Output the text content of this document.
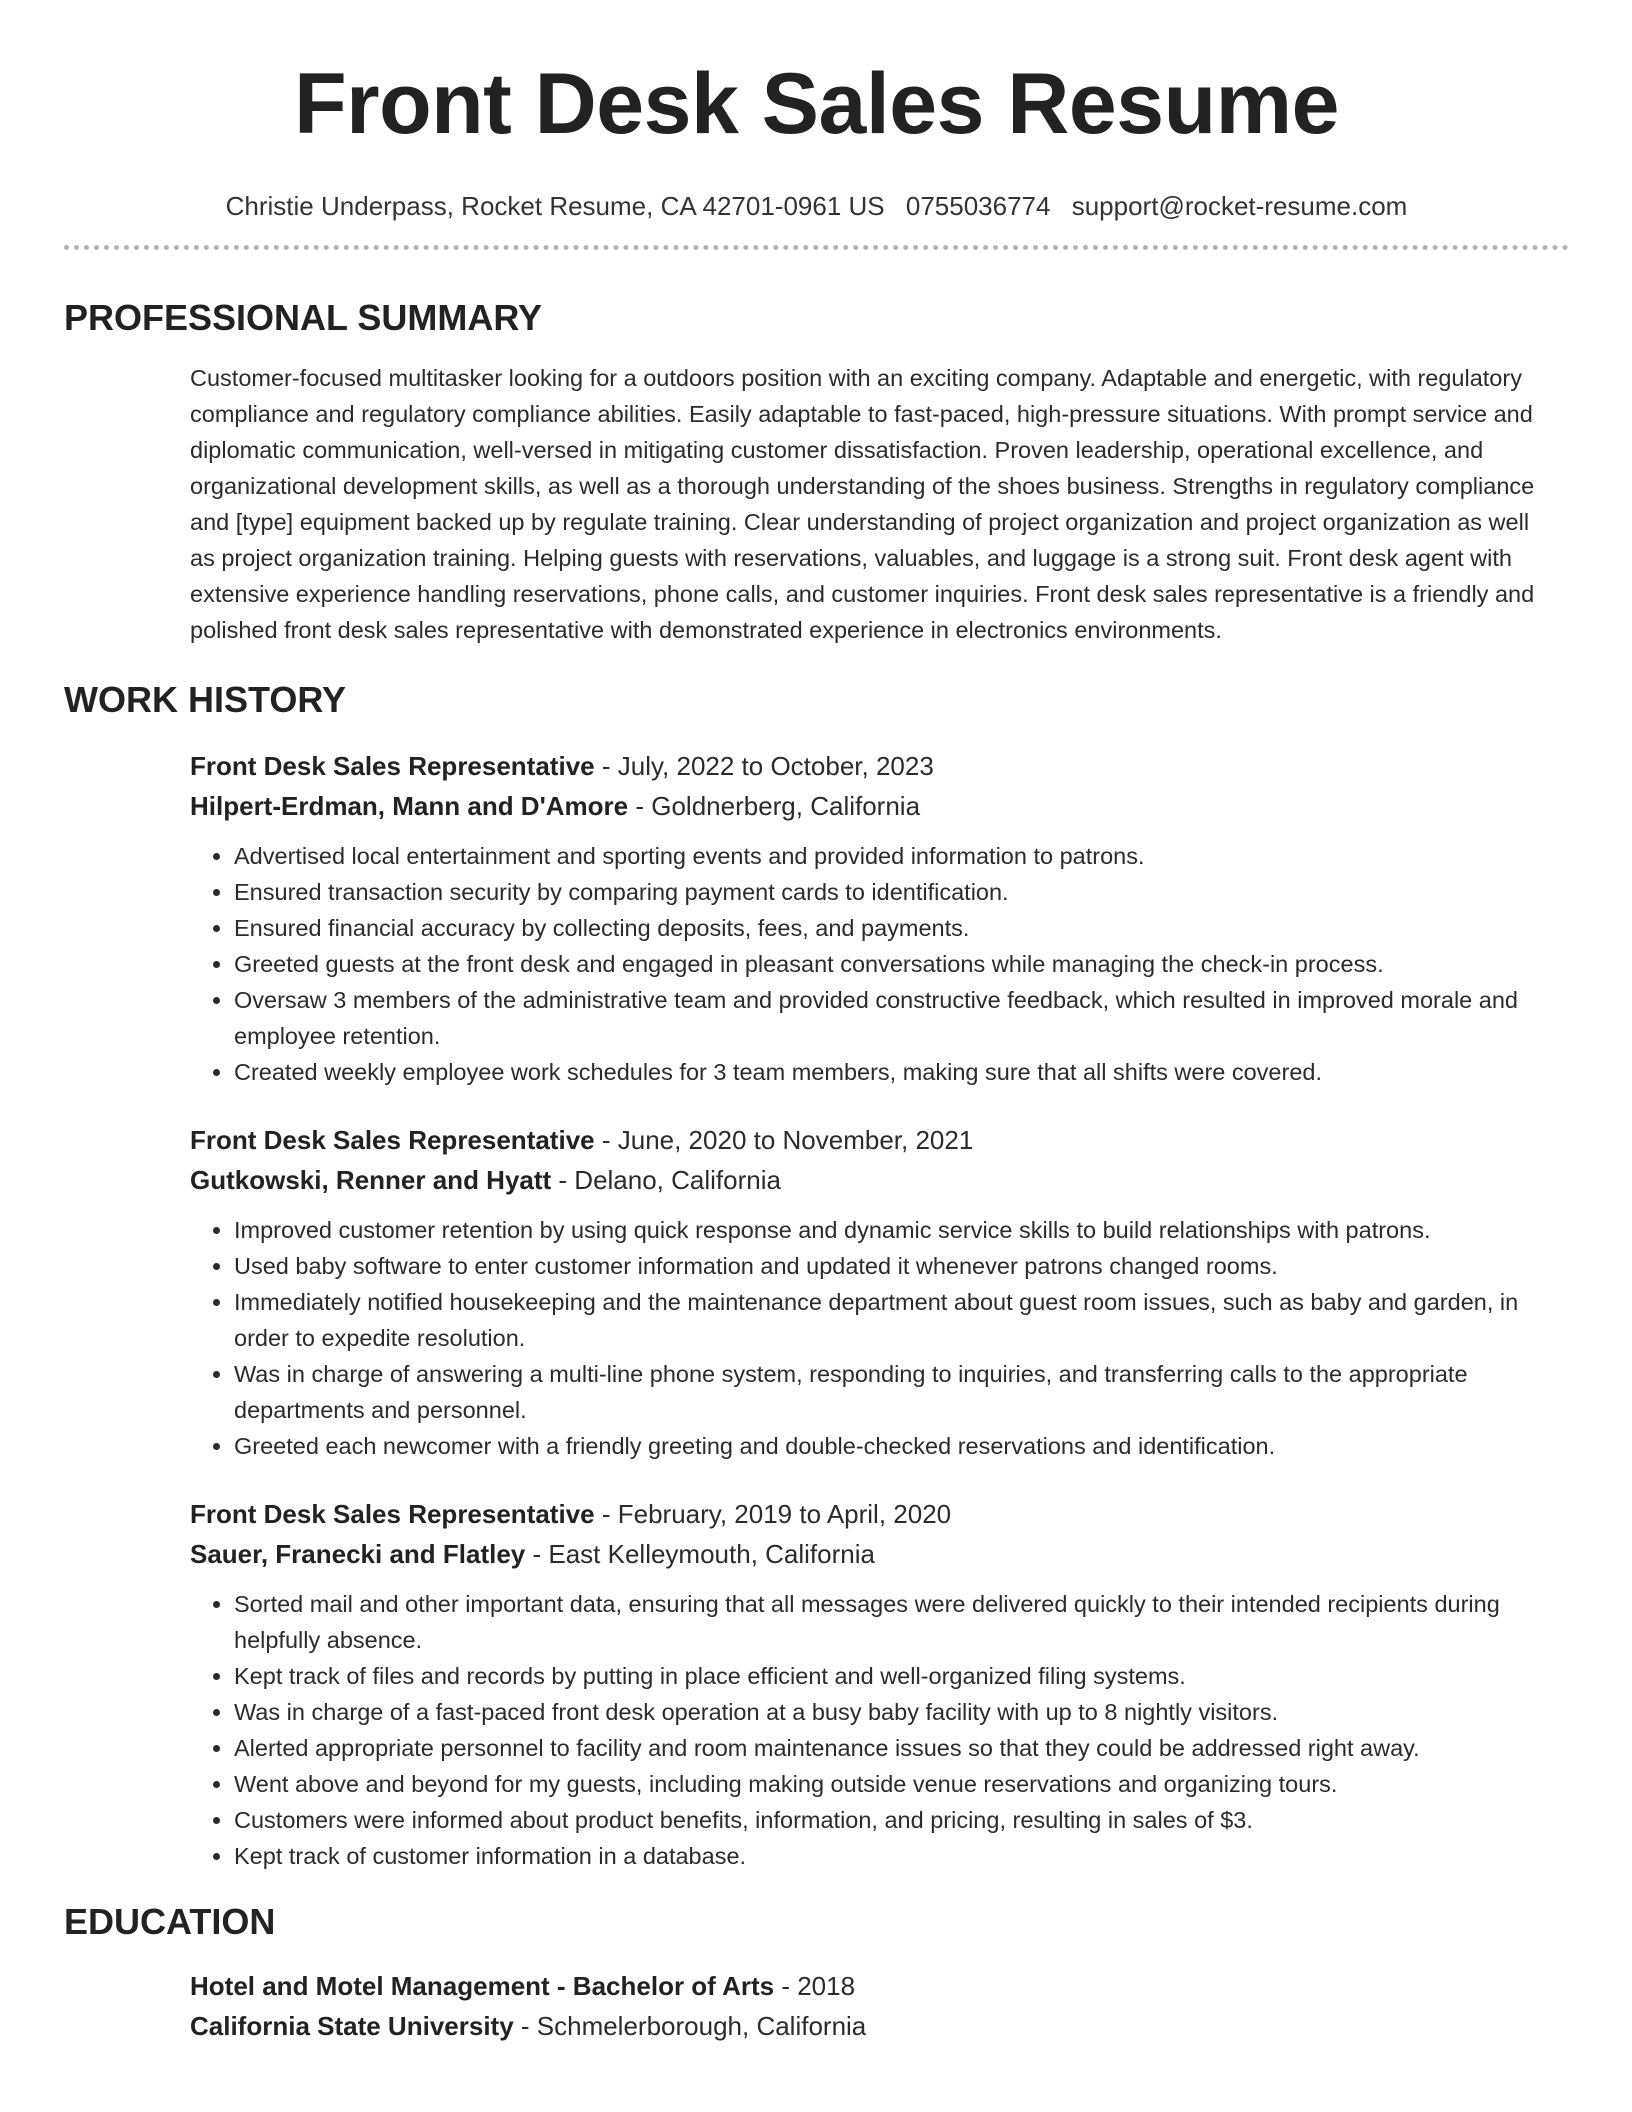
Front Desk Sales Resume
Christie Underpass, Rocket Resume, CA 42701-0961 US 0755036774 support@rocket-resume.com
PROFESSIONAL SUMMARY
Customer-focused multitasker looking for a outdoors position with an exciting company. Adaptable and energetic, with regulatory compliance and regulatory compliance abilities. Easily adaptable to fast-paced, high-pressure situations. With prompt service and diplomatic communication, well-versed in mitigating customer dissatisfaction. Proven leadership, operational excellence, and organizational development skills, as well as a thorough understanding of the shoes business. Strengths in regulatory compliance and [type] equipment backed up by regulate training. Clear understanding of project organization and project organization as well as project organization training. Helping guests with reservations, valuables, and luggage is a strong suit. Front desk agent with extensive experience handling reservations, phone calls, and customer inquiries. Front desk sales representative is a friendly and polished front desk sales representative with demonstrated experience in electronics environments.
WORK HISTORY
Front Desk Sales Representative - July, 2022 to October, 2023
Hilpert-Erdman, Mann and D'Amore - Goldnerberg, California
• Advertised local entertainment and sporting events and provided information to patrons.
• Ensured transaction security by comparing payment cards to identification.
• Ensured financial accuracy by collecting deposits, fees, and payments.
• Greeted guests at the front desk and engaged in pleasant conversations while managing the check-in process.
• Oversaw 3 members of the administrative team and provided constructive feedback, which resulted in improved morale and employee retention.
• Created weekly employee work schedules for 3 team members, making sure that all shifts were covered.
Front Desk Sales Representative - June, 2020 to November, 2021
Gutkowski, Renner and Hyatt - Delano, California
• Improved customer retention by using quick response and dynamic service skills to build relationships with patrons.
• Used baby software to enter customer information and updated it whenever patrons changed rooms.
• Immediately notified housekeeping and the maintenance department about guest room issues, such as baby and garden, in order to expedite resolution.
• Was in charge of answering a multi-line phone system, responding to inquiries, and transferring calls to the appropriate departments and personnel.
• Greeted each newcomer with a friendly greeting and double-checked reservations and identification.
Front Desk Sales Representative - February, 2019 to April, 2020
Sauer, Franecki and Flatley - East Kelleymouth, California
• Sorted mail and other important data, ensuring that all messages were delivered quickly to their intended recipients during helpfully absence.
• Kept track of files and records by putting in place efficient and well-organized filing systems.
• Was in charge of a fast-paced front desk operation at a busy baby facility with up to 8 nightly visitors.
• Alerted appropriate personnel to facility and room maintenance issues so that they could be addressed right away.
• Went above and beyond for my guests, including making outside venue reservations and organizing tours.
• Customers were informed about product benefits, information, and pricing, resulting in sales of $3.
• Kept track of customer information in a database.
EDUCATION
Hotel and Motel Management - Bachelor of Arts - 2018
California State University - Schmelerborough, California
